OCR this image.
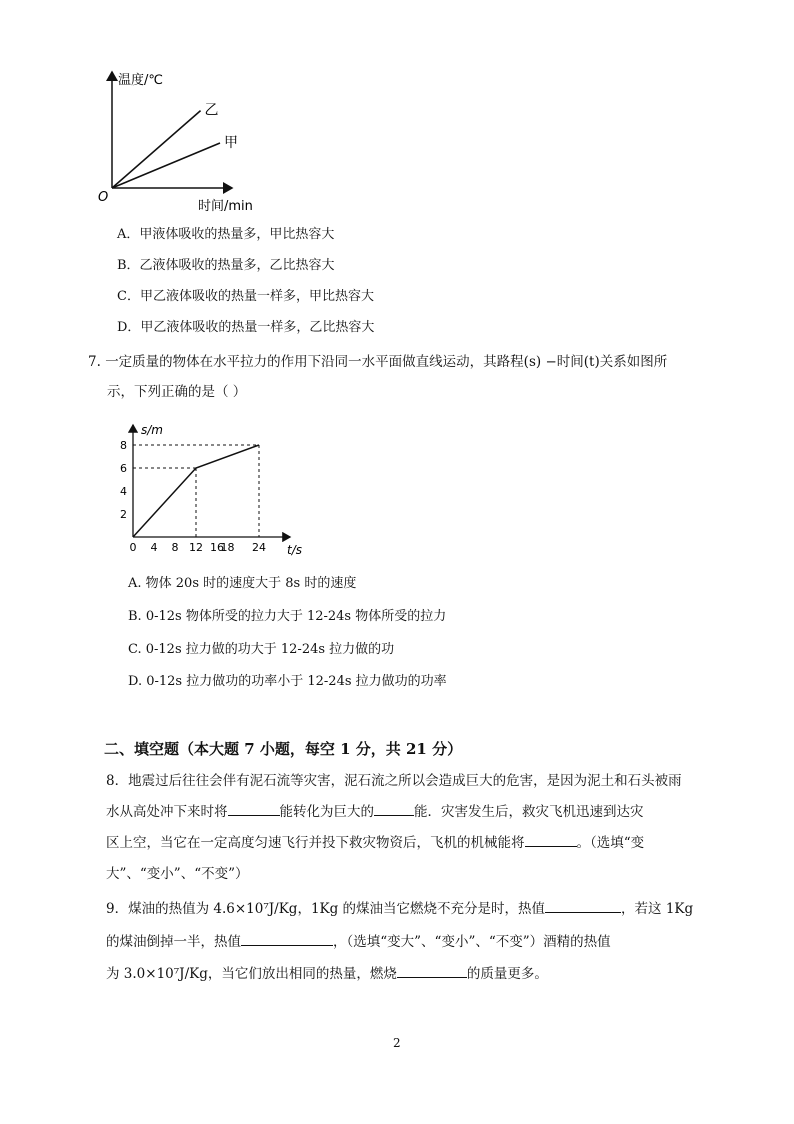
乙
甲
温度/℃
时间/min
O
A．甲液体吸收的热量多，甲比热容大
B．乙液体吸收的热量多，乙比热容大
C．甲乙液体吸收的热量一样多，甲比热容大
D．甲乙液体吸收的热量一样多，乙比热容大
7. 一定质量的物体在水平拉力的作用下沿同一水平面做直线运动，其路程(s) −时间(t)关系如图所
示，下列正确的是（ ）
0 4 8 12 16
18 24
2
4
6
8
s/m
t/s
A. 物体 20s 时的速度大于 8s 时的速度
B. 0-12s 物体所受的拉力大于 12-24s 物体所受的拉力
C. 0-12s 拉力做的功大于 12-24s 拉力做的功
D. 0-12s 拉力做功的功率小于 12-24s 拉力做功的功率
二、填空题（本大题 7 小题，每空 1 分，共 21 分）
8．地震过后往往会伴有泥石流等灾害，泥石流之所以会造成巨大的危害，是因为泥土和石头被雨
水从高处冲下来时将	能转化为巨大的	能．灾害发生后，救灾飞机迅速到达灾
区上空，当它在一定高度匀速飞行并投下救灾物资后，飞机的机械能将	。（选填“变
大”、“变小”、“不变”）
9．煤油的热值为 4.6×10⁷J/Kg，1Kg 的煤油当它燃烧不充分是时，热值	，若这 1Kg
的煤油倒掉一半，热值	，（选填“变大”、“变小”、“不变”）酒精的热值
为 3.0×10⁷J/Kg，当它们放出相同的热量，燃烧	的质量更多。
2
